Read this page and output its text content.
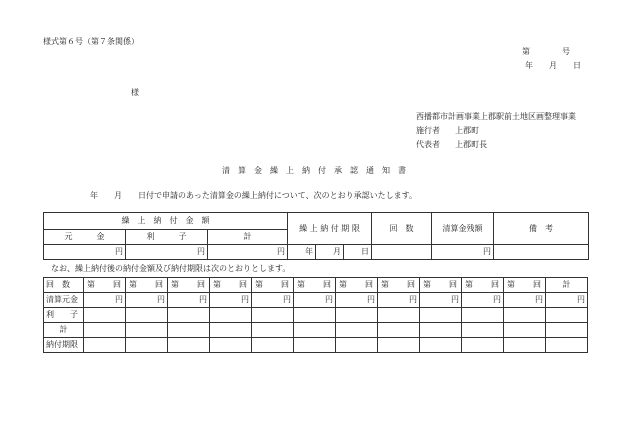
様式第６号（第７条関係）
第　　　　号
年　　月　　日
様
西播都市計画事業上郡駅前土地区画整理事業
施行者 上郡町
代表者 上郡町長
清　算　金　繰　上　納　付　承　認　通　知　書
年　　月　　日付で申請のあった清算金の繰上納付について、次のとおり承認いたします。
繰　上　納　付　金　額			繰 上 納 付 期 限			回　数	清算金残額	備　考
元　　　金	利　　　子	計						
円	円	円	年	月	日		円	
なお、繰上納付後の納付金額及び納付期限は次のとおりとします。
回　数	第 回	第 回	第 回	第 回	第 回	第 回	第 回	第 回	第 回	第 回	第 回	計
清算元金	円	円	円	円	円	円	円	円	円	円	円	円
利　　子												
計												
納付期限												
